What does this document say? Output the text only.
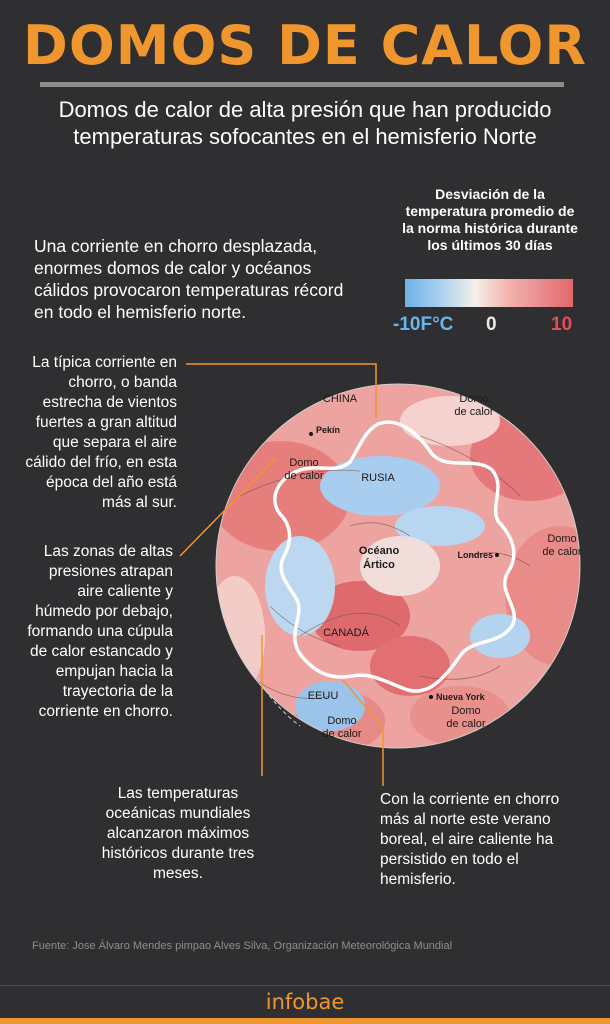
DOMOS DE CALOR
Domos de calor de alta presión que han producido temperaturas sofocantes en el hemisferio Norte
Desviación de la temperatura promedio de la norma histórica durante los últimos 30 días
-10F°C 0	10
Una corriente en chorro desplazada, enormes domos de calor y océanos cálidos provocaron temperaturas récord en todo el hemisferio norte.
CHINA
Pekín
RUSIA
Océano
Ártico
Londres
CANADÁ
EEUU	Nueva York
Domo
de calor
Domo
de calor
Domo
de calor
Domo
de calor
Domo
de calor
La típica corriente en chorro, o banda estrecha de vientos fuertes a gran altitud que separa el aire cálido del frío, en esta época del año está más al sur.
Las zonas de altas presiones atrapan aire caliente y húmedo por debajo, formando una cúpula de calor estancado y empujan hacia la trayectoria de la corriente en chorro.
Las temperaturas oceánicas mundiales alcanzaron máximos históricos durante tres meses.
Con la corriente en chorro más al norte este verano boreal, el aire caliente ha persistido en todo el hemisferio.
Fuente: Jose Álvaro Mendes pimpao Alves Silva, Organización Meteorológica Mundial
infobae
